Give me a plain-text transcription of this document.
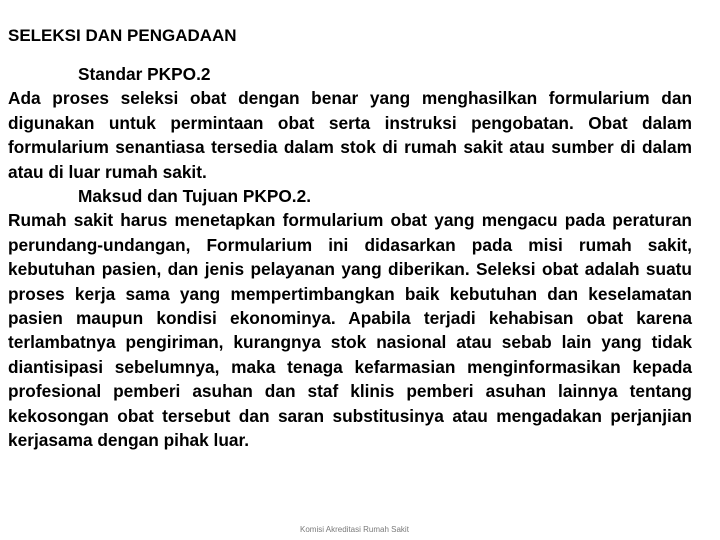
SELEKSI DAN PENGADAAN
Standar PKPO.2
Ada proses seleksi obat dengan benar yang menghasilkan formularium dan digunakan untuk permintaan obat serta instruksi pengobatan. Obat dalam formularium senantiasa tersedia dalam stok di rumah sakit atau sumber di dalam atau di luar rumah sakit.
Maksud dan Tujuan PKPO.2.
Rumah sakit harus menetapkan formularium obat yang mengacu pada peraturan perundang-undangan, Formularium ini didasarkan pada misi rumah sakit, kebutuhan pasien, dan jenis pelayanan yang diberikan. Seleksi obat adalah suatu proses kerja sama yang mempertimbangkan baik kebutuhan dan keselamatan pasien maupun kondisi ekonominya. Apabila terjadi kehabisan obat karena terlambatnya pengiriman, kurangnya stok nasional atau sebab lain yang tidak diantisipasi sebelumnya, maka tenaga kefarmasian menginformasikan kepada profesional pemberi asuhan dan staf klinis pemberi asuhan lainnya tentang kekosongan obat tersebut dan saran substitusinya atau mengadakan perjanjian kerjasama dengan pihak luar.
Komisi Akreditasi Rumah Sakit
